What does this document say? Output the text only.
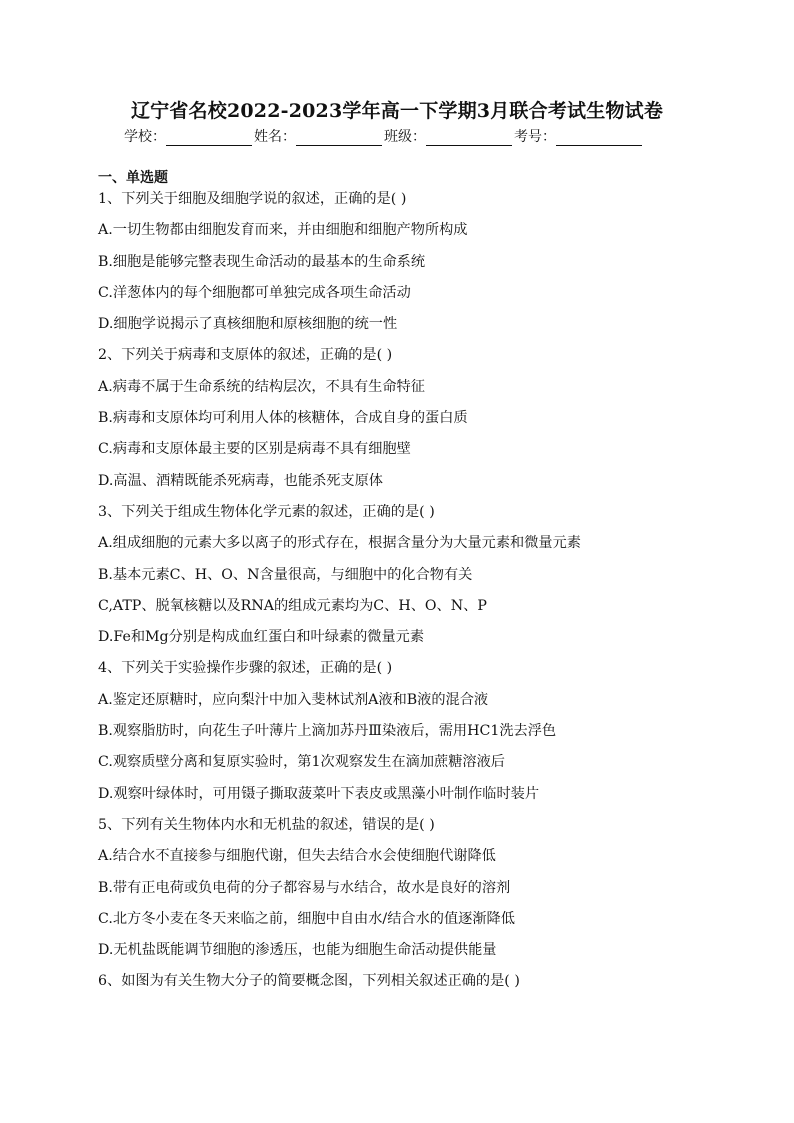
辽宁省名校2022-2023学年高一下学期3月联合考试生物试卷
学校：	姓名：	班级：	考号：
一、单选题
1、下列关于细胞及细胞学说的叙述，正确的是( )
A.一切生物都由细胞发育而来，并由细胞和细胞产物所构成
B.细胞是能够完整表现生命活动的最基本的生命系统
C.洋葱体内的每个细胞都可单独完成各项生命活动
D.细胞学说揭示了真核细胞和原核细胞的统一性
2、下列关于病毒和支原体的叙述，正确的是( )
A.病毒不属于生命系统的结构层次，不具有生命特征
B.病毒和支原体均可利用人体的核糖体，合成自身的蛋白质
C.病毒和支原体最主要的区别是病毒不具有细胞壁
D.高温、酒精既能杀死病毒，也能杀死支原体
3、下列关于组成生物体化学元素的叙述，正确的是( )
A.组成细胞的元素大多以离子的形式存在，根据含量分为大量元素和微量元素
B.基本元素C、H、O、N含量很高，与细胞中的化合物有关
C,ATP、脱氧核糖以及RNA的组成元素均为C、H、O、N、P
D.Fe和Mg分别是构成血红蛋白和叶绿素的微量元素
4、下列关于实验操作步骤的叙述，正确的是( )
A.鉴定还原糖时，应向梨汁中加入斐林试剂A液和B液的混合液
B.观察脂肪时，向花生子叶薄片上滴加苏丹Ⅲ染液后，需用HC1洗去浮色
C.观察质壁分离和复原实验时，第1次观察发生在滴加蔗糖溶液后
D.观察叶绿体时，可用镊子撕取菠菜叶下表皮或黑藻小叶制作临时装片
5、下列有关生物体内水和无机盐的叙述，错误的是( )
A.结合水不直接参与细胞代谢，但失去结合水会使细胞代谢降低
B.带有正电荷或负电荷的分子都容易与水结合，故水是良好的溶剂
C.北方冬小麦在冬天来临之前，细胞中自由水/结合水的值逐渐降低
D.无机盐既能调节细胞的渗透压，也能为细胞生命活动提供能量
6、如图为有关生物大分子的简要概念图，下列相关叙述正确的是( )
